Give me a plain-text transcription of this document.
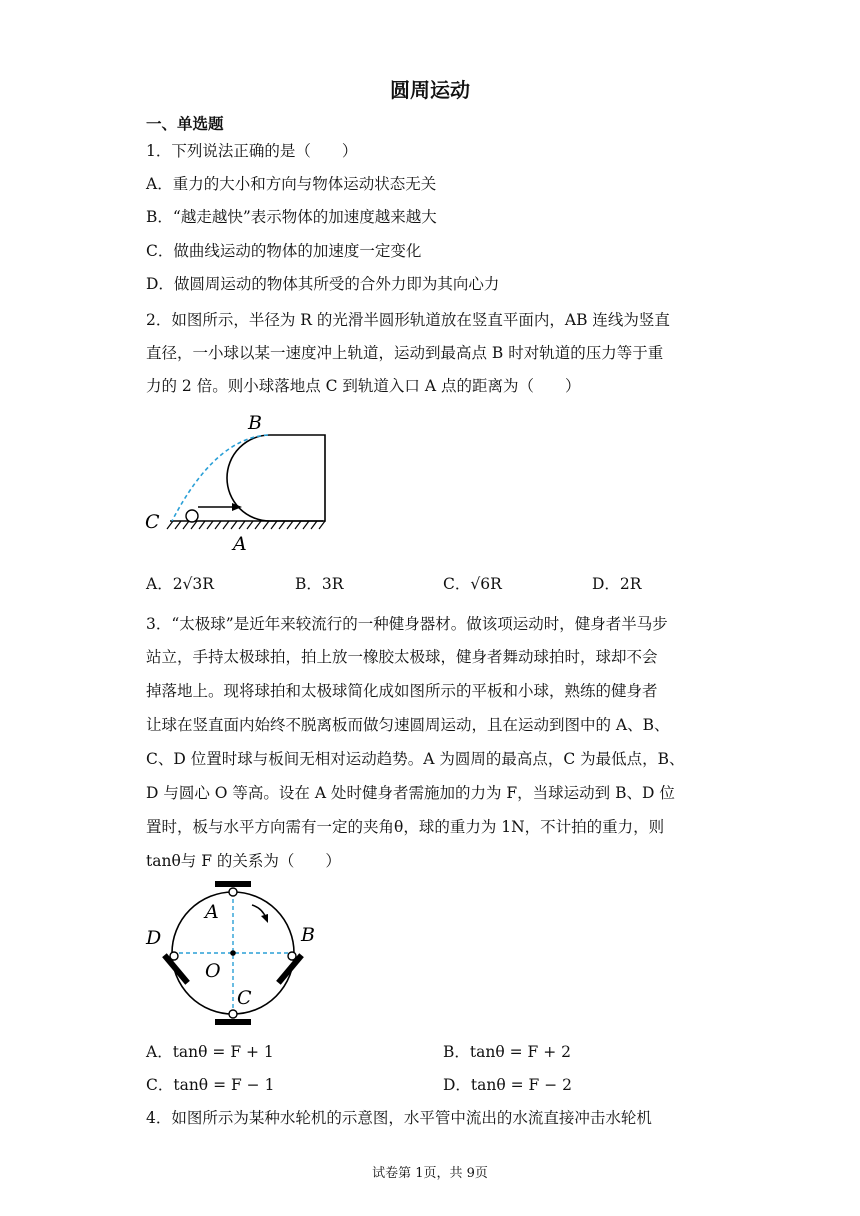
圆周运动
一、单选题
1．下列说法正确的是（　　）
A．重力的大小和方向与物体运动状态无关
B．“越走越快”表示物体的加速度越来越大
C．做曲线运动的物体的加速度一定变化
D．做圆周运动的物体其所受的合外力即为其向心力
2．如图所示，半径为 R 的光滑半圆形轨道放在竖直平面内，AB 连线为竖直
直径，一小球以某一速度冲上轨道，运动到最高点 B 时对轨道的压力等于重
力的 2 倍。则小球落地点 C 到轨道入口 A 点的距离为（　　）
B
C
A
A．2√3R	B．3R	C．√6R	D．2R
3．“太极球”是近年来较流行的一种健身器材。做该项运动时，健身者半马步
站立，手持太极球拍，拍上放一橡胶太极球，健身者舞动球拍时，球却不会
掉落地上。现将球拍和太极球简化成如图所示的平板和小球，熟练的健身者
让球在竖直面内始终不脱离板而做匀速圆周运动，且在运动到图中的 A、B、
C、D 位置时球与板间无相对运动趋势。A 为圆周的最高点，C 为最低点，B、
D 与圆心 O 等高。设在 A 处时健身者需施加的力为 F，当球运动到 B、D 位
置时，板与水平方向需有一定的夹角θ，球的重力为 1N，不计拍的重力，则
tanθ与 F 的关系为（　　）
A
B
C
D
O
A．tanθ = F + 1	B．tanθ = F + 2
C．tanθ = F − 1	D．tanθ = F − 2
4．如图所示为某种水轮机的示意图，水平管中流出的水流直接冲击水轮机
试卷第 1页，共 9页
